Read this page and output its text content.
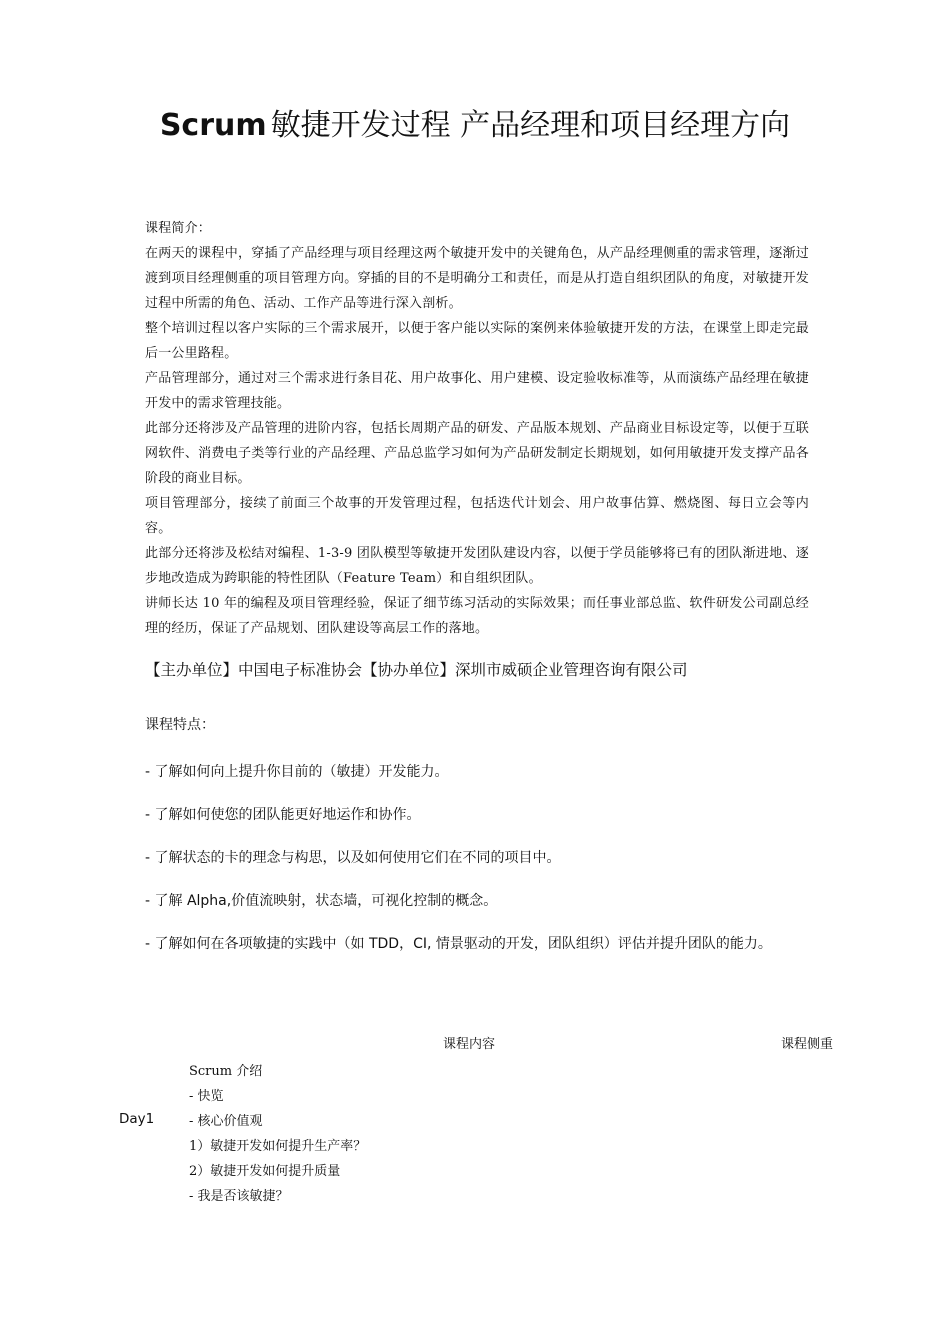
Scrum 敏捷开发过程 产品经理和项目经理方向

课程简介：

在两天的课程中，穿插了产品经理与项目经理这两个敏捷开发中的关键角色，从产品经理侧重的需求管理，逐渐过渡到项目经理侧重的项目管理方向。穿插的目的不是明确分工和责任，而是从打造自组织团队的角度，对敏捷开发过程中所需的角色、活动、工作产品等进行深入剖析。

整个培训过程以客户实际的三个需求展开，以便于客户能以实际的案例来体验敏捷开发的方法，在课堂上即走完最后一公里路程。

产品管理部分，通过对三个需求进行条目花、用户故事化、用户建模、设定验收标准等，从而演练产品经理在敏捷开发中的需求管理技能。

此部分还将涉及产品管理的进阶内容，包括长周期产品的研发、产品版本规划、产品商业目标设定等，以便于互联网软件、消费电子类等行业的产品经理、产品总监学习如何为产品研发制定长期规划，如何用敏捷开发支撑产品各阶段的商业目标。

项目管理部分，接续了前面三个故事的开发管理过程，包括迭代计划会、用户故事估算、燃烧图、每日立会等内容。

此部分还将涉及松结对编程、1-3-9 团队模型等敏捷开发团队建设内容，以便于学员能够将已有的团队渐进地、逐步地改造成为跨职能的特性团队（Feature Team）和自组织团队。

讲师长达 10 年的编程及项目管理经验，保证了细节练习活动的实际效果；而任事业部总监、软件研发公司副总经理的经历，保证了产品规划、团队建设等高层工作的落地。

【主办单位】中国电子标准协会【协办单位】深圳市威硕企业管理咨询有限公司

课程特点：

- 了解如何向上提升你目前的（敏捷）开发能力。
- 了解如何使您的团队能更好地运作和协作。
- 了解状态的卡的理念与构思，以及如何使用它们在不同的项目中。
- 了解 Alpha,价值流映射，状态墙，可视化控制的概念。
- 了解如何在各项敏捷的实践中（如 TDD，CI, 情景驱动的开发，团队组织）评估并提升团队的能力。
课程内容	课程侧重
Day1
Scrum 介绍
- 快览
- 核心价值观
1）敏捷开发如何提升生产率？
2）敏捷开发如何提升质量
- 我是否该敏捷？
